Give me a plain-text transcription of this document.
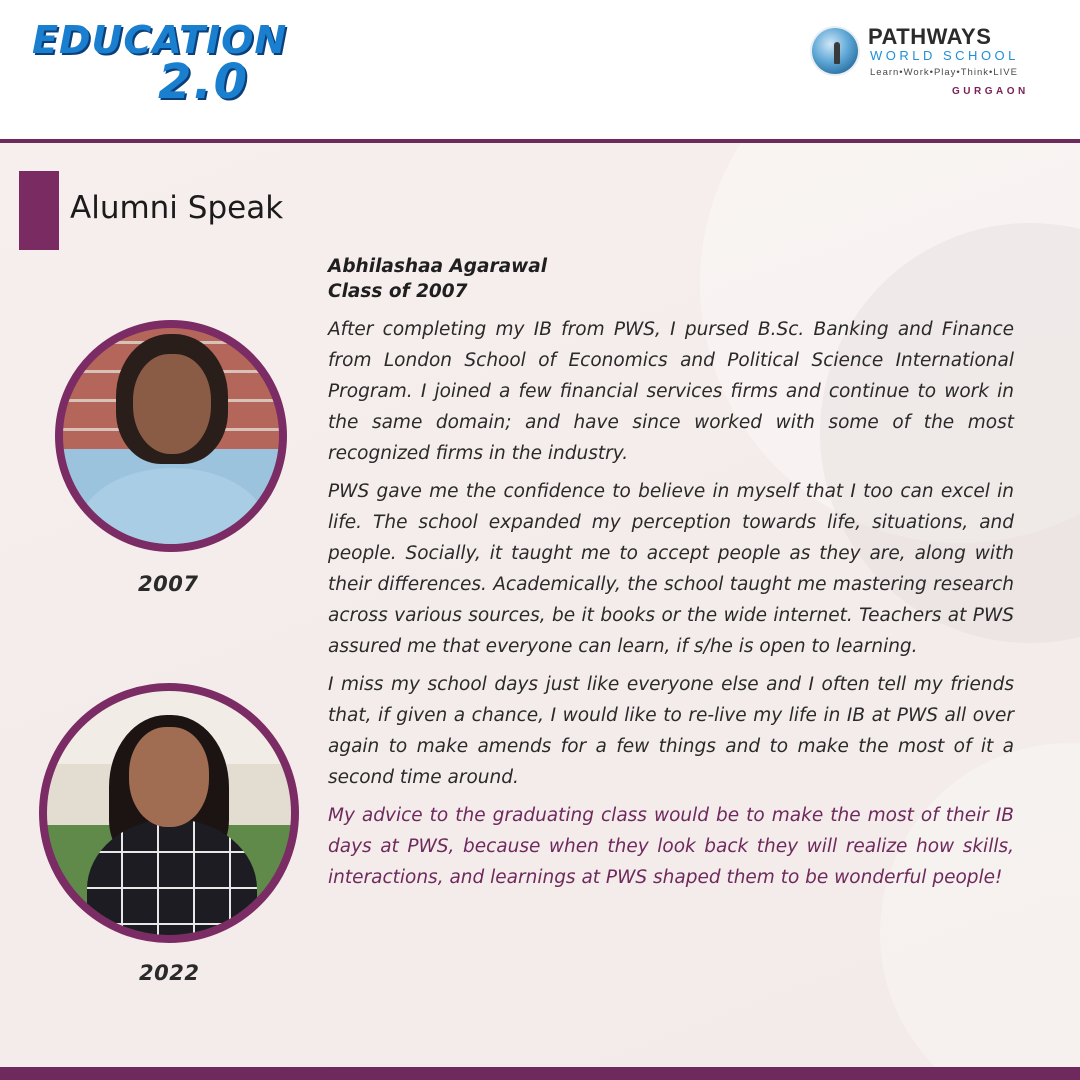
EDUCATION
2.0
PATHWAYS
WORLD SCHOOL
Learn•Work•Play•Think•LIVE
GURGAON
Alumni Speak
2007
2022

Abhilashaa Agarawal

Class of 2007

After completing my IB from PWS, I pursed B.Sc. Banking and Finance from London School of Economics and Political Science International Program. I joined a few financial services firms and continue to work in the same domain; and have since worked with some of the most recognized firms in the industry.

PWS gave me the confidence to believe in myself that I too can excel in life. The school expanded my perception towards life, situations, and people. Socially, it taught me to accept people as they are, along with their differences. Academically, the school taught me mastering research across various sources, be it books or the wide internet. Teachers at PWS assured me that everyone can learn, if s/he is open to learning.

I miss my school days just like everyone else and I often tell my friends that, if given a chance, I would like to re-live my life in IB at PWS all over again to make amends for a few things and to make the most of it a second time around.

My advice to the graduating class would be to make the most of their IB days at PWS, because when they look back they will realize how skills, interactions, and learnings at PWS shaped them to be wonderful people!
